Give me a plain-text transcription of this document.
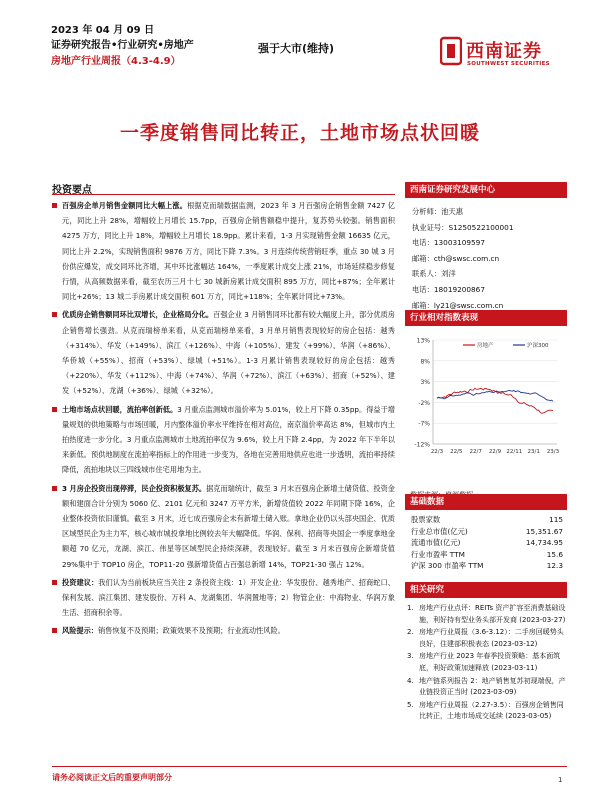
2023 年 04 月 09 日
证券研究报告•行业研究•房地产
房地产行业周报（4.3-4.9）
强于大市(维持)	西南证券
SOUTHWEST SECURITIES
一季度销售同比转正，土地市场点状回暖
投资要点
百强房企单月销售金额同比大幅上涨。根据克而瑞数据监测，2023 年 3 月百强房企销售金额 7427 亿元，同比上升 28%，增幅较上月增长 15.7pp，百强房企销售额稳中提升，复苏势头较强。销售面积 4275 万方，同比上升 18%，增幅较上月增长 18.9pp。累计来看，1-3 月实现销售金额 16635 亿元，同比上升 2.2%，实现销售面积 9876 万方，同比下降 7.3%。3 月连续传统营销旺季，重点 30 城 3 月份供应爆发，成交同环比齐增，其中环比涨幅达 164%，一季度累计成交上涨 21%，市场延续稳步修复行情，从高频数据来看，截至农历三月十七 30 城新房累计成交面积 895 万方，同比+87%；全年累计同比+26%；13 城二手房累计成交面积 601 万方，同比+118%；全年累计同比+73%。
优质房企销售额同环比双增长，企业格局分化。百强企业 3 月销售同环比都有较大幅度上升，部分优质房企销售增长强劲。从克而瑞榜单来看，从克而瑞榜单来看，3 月单月销售表现较好的房企包括：越秀（+314%）、华发（+149%）、滨江（+126%）、中海（+105%）、建发（+99%）、华润（+86%）、华侨城（+55%）、招商（+53%）、绿城（+51%）。1-3 月累计销售表现较好的房企包括：越秀（+220%）、华发（+112%）、中海（+74%）、华润（+72%）、滨江（+63%）、招商（+52%）、建发（+52%）、龙湖（+36%）、绿城（+32%）。
土地市场点状回暖，流拍率创新低。3 月重点监测城市溢价率为 5.01%，较上月下降 0.35pp。得益于增量规划的供地策略与市场回暖，月内整体溢价率水平维持在相对高位，南京溢价率高达 8%，但城市内土拍热度进一步分化。3 月重点监测城市土地流拍率仅为 9.6%，较上月下降 2.4pp，为 2022 年下半年以来新低。预供地制度在流拍率指标上的作用进一步变为，各地在完善用地供应也进一步透明，流拍率持续降低，流拍地块以三四线城市住宅用地为主。
3 月房企投资出现停滞，民企投资积极复苏。据克而瑞统计，截至 3 月末百强房企新增土储货值、投资金额和建面合计分别为 5060 亿、2101 亿元和 3247 万平方米，新增货值较 2022 年同期下降 16%，企业整体投资依旧谨慎。截至 3 月末，近七成百强房企未有新增土储入账。拿地企业仍以头部央国企、优质区域型民企为主力军，核心城市城投拿地比例较去年大幅降低。华润、保利、招商等央国企一季度拿地金额超 70 亿元，龙湖、滨江、伟星等区域型民企持续深耕，表现较好。截至 3 月末百强房企新增货值 29%集中于 TOP10 房企，TOP11-20 强新增货值占百强总新增 14%，TOP21-30 强占 12%。
投资建议：我们认为当前板块应当关注 2 条投资主线：1）开发企业：华发股份、越秀地产、招商蛇口、保利发展、滨江集团、建发股份、万科 A、龙湖集团、华润置地等；2）物管企业：中海物业、华润万象生活、招商积余等。
风险提示：销售恢复不及预期；政策效果不及预期；行业流动性风险。
西南证券研究发展中心
分析师：池天惠
执业证号：S1250522100001
电话：13003109597
邮箱：cth@swsc.com.cn
联系人：刘洋
电话：18019200867
邮箱：ly21@swsc.com.cn
行业相对指数表现
13%
8%
3%
-2%
-7%
-12%
22/3 22/5 22/7 22/9 22/11 23/1 23/3
房地产	沪深300
基础数据
股票家数	115
行业总市值(亿元)	15,351.67
流通市值(亿元)	14,734.95
行业市盈率 TTM	15.6
沪深 300 市盈率 TTM	12.3
相关研究
1. 房地产行业点评：REITs 资产扩容至消费基础设施，利好持有型业务头部开发商 (2023-03-27)
2. 房地产行业周报（3.6-3.12）：二手房回暖势头良好，住建部积极表态 (2023-03-12)
3. 房地产行业 2023 年春季投资策略：基本面筑底，利好政策加速释放 (2023-03-11)
4. 地产链系列报告 2：地产销售复苏初现端倪，产业链投资正当时 (2023-03-09)
5. 房地产行业周报（2.27-3.5）：百强房企销售同比转正，土地市场成交延续 (2023-03-05)
请务必阅读正文后的重要声明部分	1
